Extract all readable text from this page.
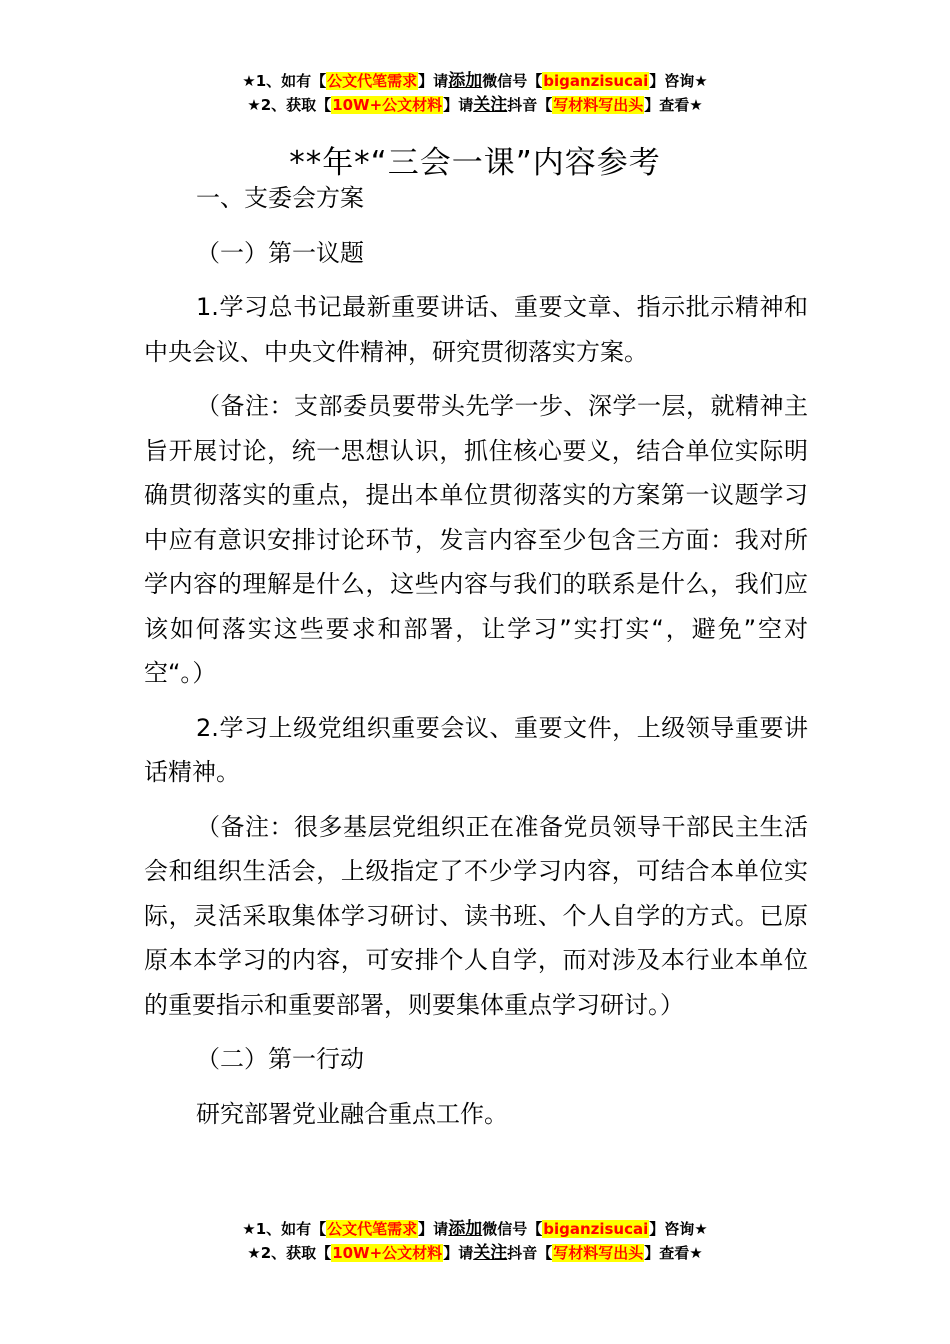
★1、如有【公文代笔需求】请添加微信号【biganzisucai】咨询★
★2、获取【10W+公文材料】请关注抖音【写材料写出头】查看★
**年*“三会一课”内容参考

一、支委会方案

（一）第一议题

1.学习总书记最新重要讲话、重要文章、指示批示精神和中央会议、中央文件精神，研究贯彻落实方案。

（备注：支部委员要带头先学一步、深学一层，就精神主旨开展讨论，统一思想认识，抓住核心要义，结合单位实际明确贯彻落实的重点，提出本单位贯彻落实的方案第一议题学习中应有意识安排讨论环节，发言内容至少包含三方面：我对所学内容的理解是什么，这些内容与我们的联系是什么，我们应该如何落实这些要求和部署，让学习”实打实“，避免”空对空“。）

2.学习上级党组织重要会议、重要文件，上级领导重要讲话精神。

（备注：很多基层党组织正在准备党员领导干部民主生活会和组织生活会，上级指定了不少学习内容，可结合本单位实际，灵活采取集体学习研讨、读书班、个人自学的方式。已原原本本学习的内容，可安排个人自学，而对涉及本行业本单位的重要指示和重要部署，则要集体重点学习研讨。）

（二）第一行动

研究部署党业融合重点工作。

★1、如有【公文代笔需求】请添加微信号【biganzisucai】咨询★
★2、获取【10W+公文材料】请关注抖音【写材料写出头】查看★
